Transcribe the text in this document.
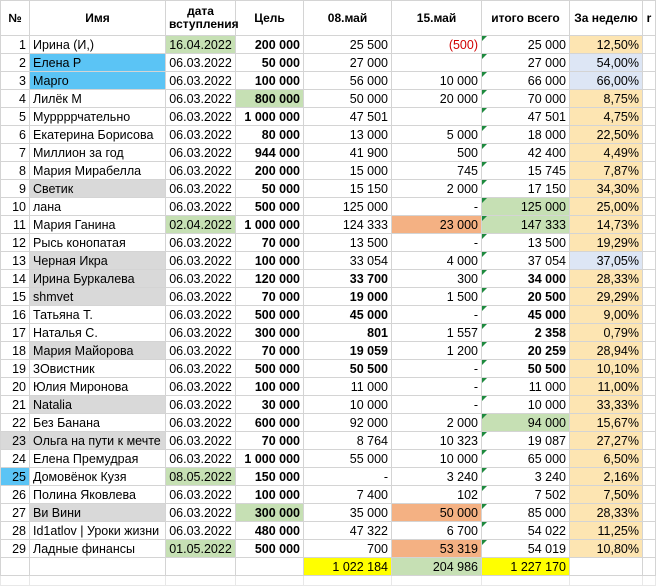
№	Имя	дата вступления	Цель	08.май	15.май	итого всего	За неделю	r
1	Ирина (И,)	16.04.2022	200 000	25 500	(500)	25 000	12,50%	
2	Елена Р	06.03.2022	50 000	27 000		27 000	54,00%	
3	Марго	06.03.2022	100 000	56 000	10 000	66 000	66,00%	
4	Лилёк М	06.03.2022	800 000	50 000	20 000	70 000	8,75%	
5	Муррррчательно	06.03.2022	1 000 000	47 501		47 501	4,75%	
6	Екатерина Борисова	06.03.2022	80 000	13 000	5 000	18 000	22,50%	
7	Миллион за год	06.03.2022	944 000	41 900	500	42 400	4,49%	
8	Мария Мирабелла	06.03.2022	200 000	15 000	745	15 745	7,87%	
9	Светик	06.03.2022	50 000	15 150	2 000	17 150	34,30%	
10	лана	06.03.2022	500 000	125 000	-	125 000	25,00%	
11	Мария Ганина	02.04.2022	1 000 000	124 333	23 000	147 333	14,73%	
12	Рысь конопатая	06.03.2022	70 000	13 500	-	13 500	19,29%	
13	Черная Икра	06.03.2022	100 000	33 054	4 000	37 054	37,05%	
14	Ирина Буркалева	06.03.2022	120 000	33 700	300	34 000	28,33%	
15	shmvet	06.03.2022	70 000	19 000	1 500	20 500	29,29%	
16	Татьяна Т.	06.03.2022	500 000	45 000	-	45 000	9,00%	
17	Наталья С.	06.03.2022	300 000	801	1 557	2 358	0,79%	
18	Мария Майорова	06.03.2022	70 000	19 059	1 200	20 259	28,94%	
19	3Овистник	06.03.2022	500 000	50 500	-	50 500	10,10%	
20	Юлия Миронова	06.03.2022	100 000	11 000	-	11 000	11,00%	
21	Natalia	06.03.2022	30 000	10 000	-	10 000	33,33%	
22	Без Банана	06.03.2022	600 000	92 000	2 000	94 000	15,67%	
23	Ольга на пути к мечте	06.03.2022	70 000	8 764	10 323	19 087	27,27%	
24	Елена Премудрая	06.03.2022	1 000 000	55 000	10 000	65 000	6,50%	
25	Домовёнок Кузя	08.05.2022	150 000	-	3 240	3 240	2,16%	
26	Полина Яковлева	06.03.2022	100 000	7 400	102	7 502	7,50%	
27	Ви Вини	06.03.2022	300 000	35 000	50 000	85 000	28,33%	
28	Id1atlov | Уроки жизни	06.03.2022	480 000	47 322	6 700	54 022	11,25%	
29	Ладные финансы	01.05.2022	500 000	700	53 319	54 019	10,80%	
				1 022 184	204 986	1 227 170		
